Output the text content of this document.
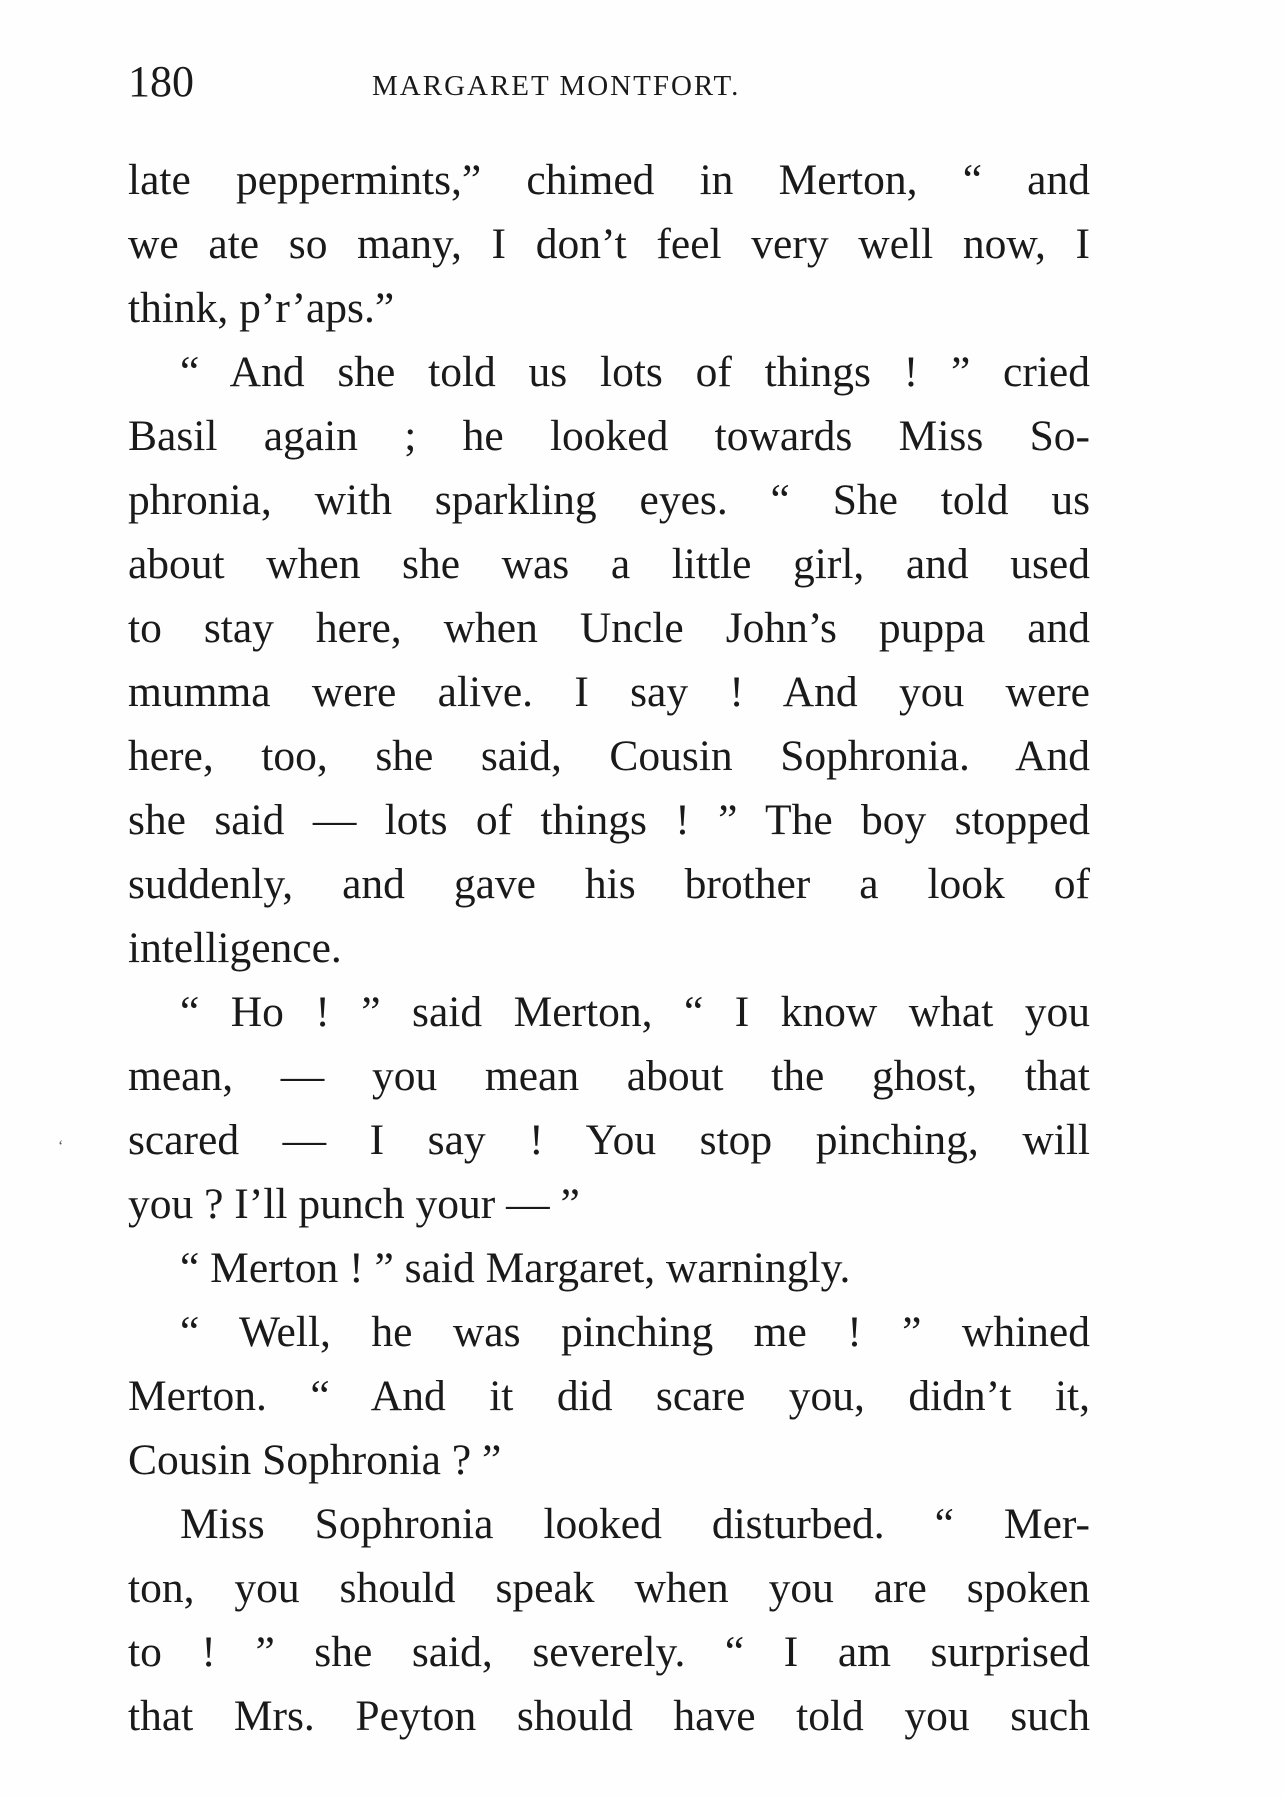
180	MARGARET MONTFORT.
‘
late peppermints,” chimed in Merton, “ and
we ate so many, I don’t feel very well now, I
think, p’r’aps.”
“ And she told us lots of things ! ” cried
Basil again ; he looked towards Miss So-
phronia, with sparkling eyes. “ She told us
about when she was a little girl, and used
to stay here, when Uncle John’s puppa and
mumma were alive. I say ! And you were
here, too, she said, Cousin Sophronia. And
she said — lots of things ! ” The boy stopped
suddenly, and gave his brother a look of
intelligence.
“ Ho ! ” said Merton, “ I know what you
mean, — you mean about the ghost, that
scared — I say ! You stop pinching, will
you ? I’ll punch your — ”
“ Merton ! ” said Margaret, warningly.
“ Well, he was pinching me ! ” whined
Merton. “ And it did scare you, didn’t it,
Cousin Sophronia ? ”
Miss Sophronia looked disturbed. “ Mer-
ton, you should speak when you are spoken
to ! ” she said, severely. “ I am surprised
that Mrs. Peyton should have told you such
